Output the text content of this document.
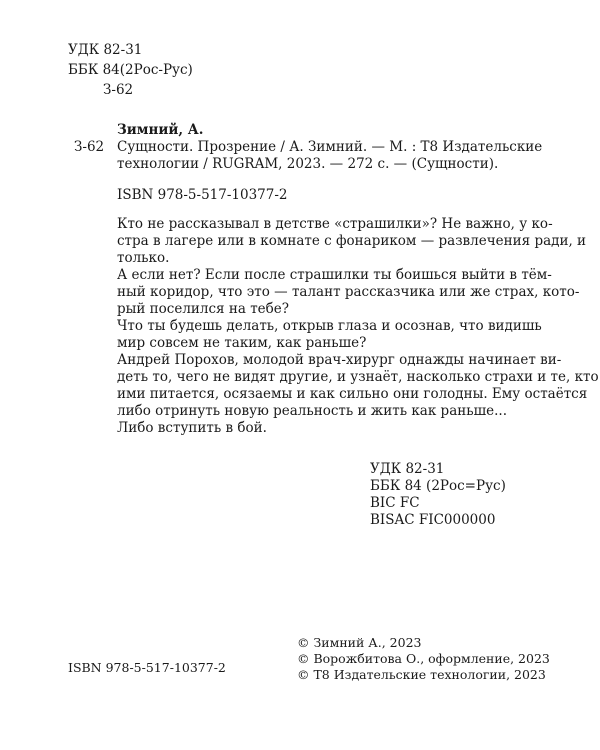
УДК 82-31
ББК 84(2Рос-Рус)
З-62
З-62
Зимний, А.
Сущности. Прозрение / А. Зимний. — М. : Т8 Издательские
технологии / RUGRAM, 2023. — 272 с. — (Сущности).
ISBN 978-5-517-10377-2
Кто не рассказывал в детстве «страшилки»? Не важно, у ко-
стра в лагере или в комнате с фонариком — развлечения ради, и
только.
А если нет? Если после страшилки ты боишься выйти в тём-
ный коридор, что это — талант рассказчика или же страх, кото-
рый поселился на тебе?
Что ты будешь делать, открыв глаза и осознав, что видишь
мир совсем не таким, как раньше?
Андрей Порохов, молодой врач-хирург однажды начинает ви-
деть то, чего не видят другие, и узнаёт, насколько страхи и те, кто
ими питается, осязаемы и как сильно они голодны. Ему остаётся
либо отринуть новую реальность и жить как раньше...
Либо вступить в бой.
УДК 82-31
ББК 84 (2Рос=Рус)
BIC FC
BISAC FIC000000
ISBN 978-5-517-10377-2
© Зимний А., 2023
© Ворожбитова О., оформление, 2023
© Т8 Издательские технологии, 2023
